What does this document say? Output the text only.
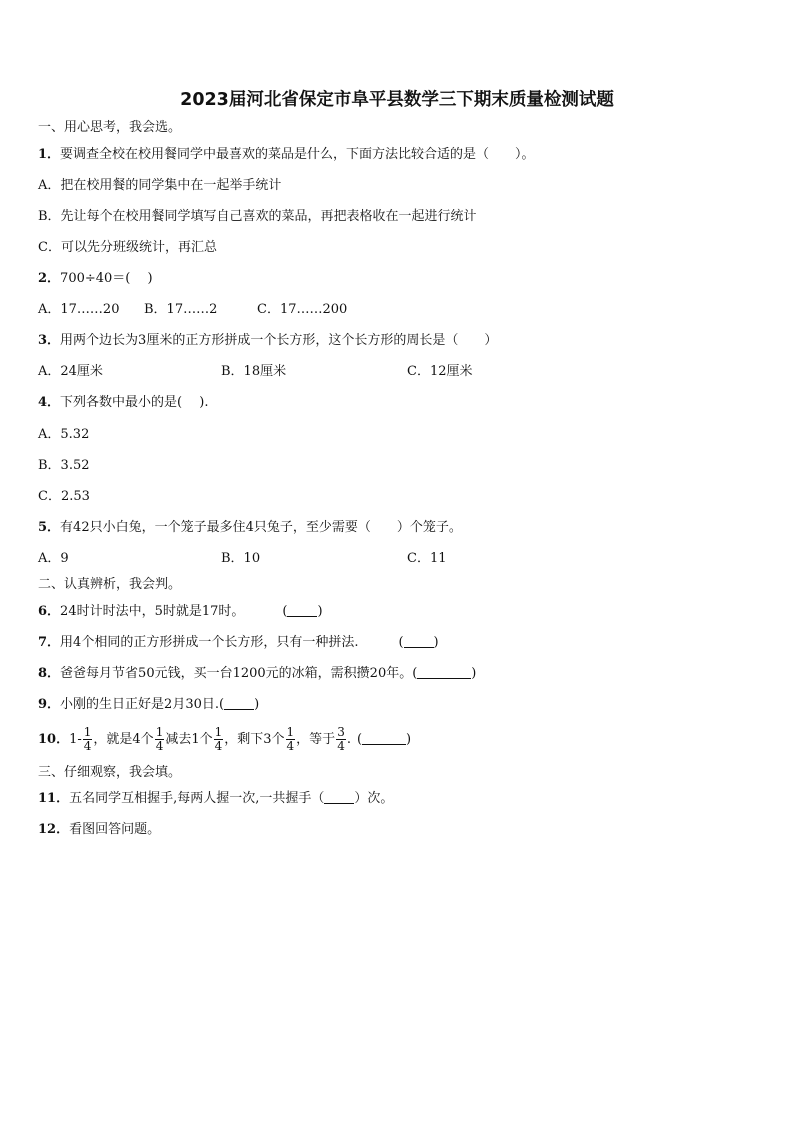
2023届河北省保定市阜平县数学三下期末质量检测试题
一、用心思考，我会选。
1．要调查全校在校用餐同学中最喜欢的菜品是什么，下面方法比较合适的是（　　）。
A．把在校用餐的同学集中在一起举手统计
B．先让每个在校用餐同学填写自己喜欢的菜品，再把表格收在一起进行统计
C．可以先分班级统计，再汇总
2．700÷40＝(　 )
A．17……20 B．17……2	C．17……200
3．用两个边长为3厘米的正方形拼成一个长方形，这个长方形的周长是（　　）
A．24厘米	B．18厘米	C．12厘米
4．下列各数中最小的是(　 ).
A．5.32
B．3.52
C．2.53
5．有42只小白兔，一个笼子最多住4只兔子，至少需要（　　）个笼子。
A．9	B．10	C．11
二、认真辨析，我会判。
6．24时计时法中，5时就是17时。	( )
7．用4个相同的正方形拼成一个长方形，只有一种拼法.	( )
8．爸爸每月节省50元钱，买一台1200元的冰箱，需积攒20年。(	)
9．小刚的生日正好是2月30日.( )
10．$1- \frac{1}{4}$ ，就是4个 $\frac{1}{4}$ 减去1个 $\frac{1}{4}$ ，剩下3个 $\frac{1}{4}$ ，等于 $\frac{3}{4}$ . (	)
三、仔细观察，我会填。
11．五名同学互相握手,每两人握一次,一共握手（ ）次。
12．看图回答问题。
